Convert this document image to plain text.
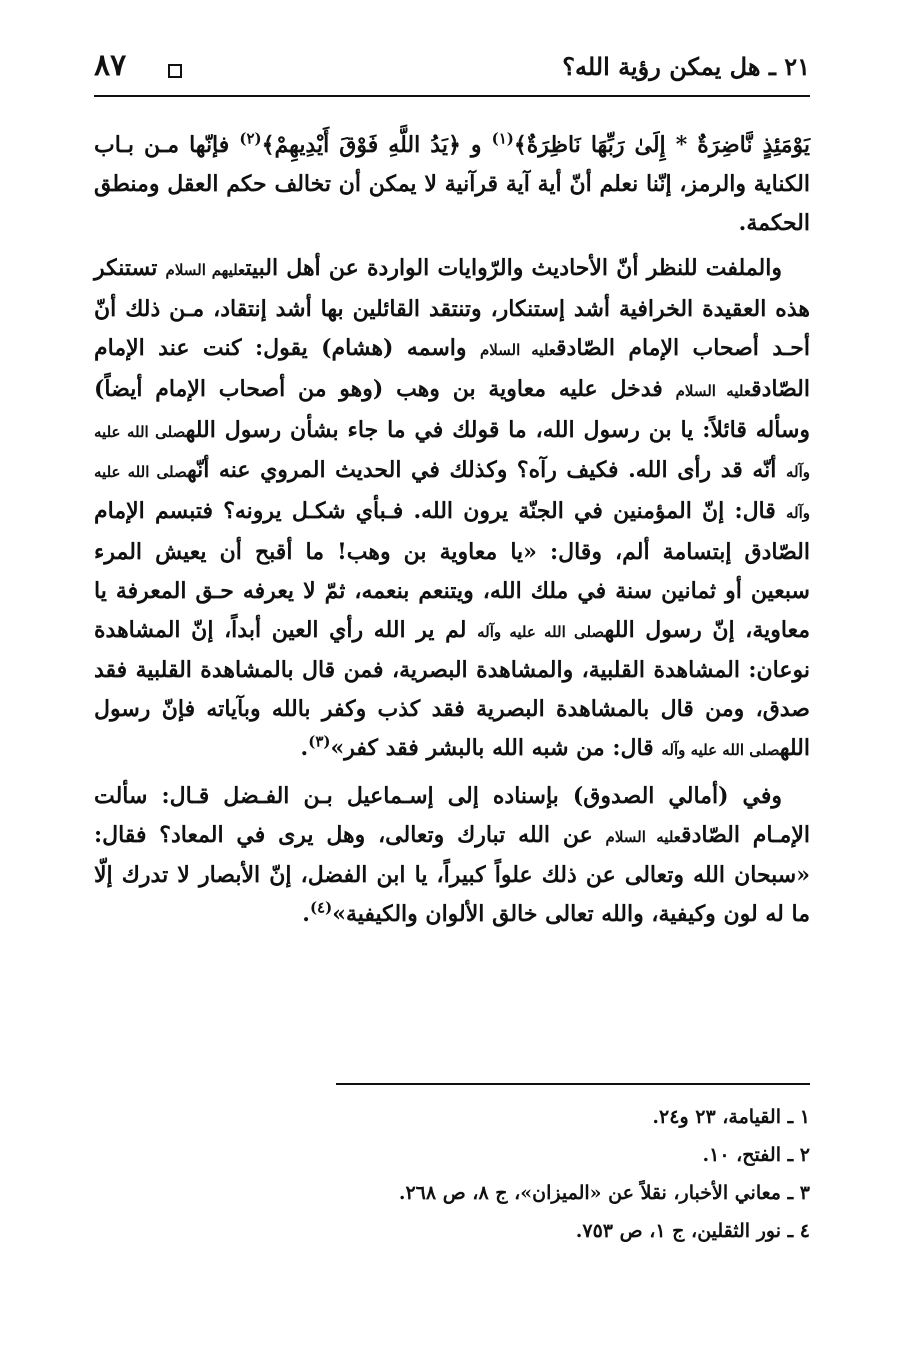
٢١ ـ هل يمكن رؤية الله؟
٨٧

يَوْمَئِذٍ نَّاضِرَةٌ * إِلَىٰ رَبِّهَا نَاظِرَةٌ﴾$^{(١)}$ و ﴿يَدُ اللَّهِ فَوْقَ أَيْدِيهِمْ﴾$^{(٢)}$ فإنّها مـن بـاب الكناية والرمز، إنّنا نعلم أنّ أية آية قرآنية لا يمكن أن تخالف حكم العقل ومنطق الحكمة.

والملفت للنظر أنّ الأحاديث والرّوايات الواردة عن أهل البيتعليهم السلام تستنكر هذه العقيدة الخرافية أشد إستنكار، وتنتقد القائلين بها أشد إنتقاد، مـن ذلك أنّ أحـد أصحاب الإمام الصّادقعليه السلام واسمه (هشام) يقول: كنت عند الإمام الصّادقعليه السلام فدخل عليه معاوية بن وهب (وهو من أصحاب الإمام أيضاً) وسأله قائلاً: يا بن رسول الله، ما قولك في ما جاء بشأن رسول اللهصلى الله عليه وآله أنّه قد رأى الله. فكيف رآه؟ وكذلك في الحديث المروي عنه أنّهصلى الله عليه وآله قال: إنّ المؤمنين في الجنّة يرون الله. فـبأي شكـل يرونه؟ فتبسم الإمام الصّادق إبتسامة ألم، وقال: «يا معاوية بن وهب! ما أقبح أن يعيش المرء سبعين أو ثمانين سنة في ملك الله، ويتنعم بنعمه، ثمّ لا يعرفه حـق المعرفة يا معاوية، إنّ رسول اللهصلى الله عليه وآله لم ير الله رأي العين أبداً، إنّ المشاهدة نوعان: المشاهدة القلبية، والمشاهدة البصرية، فمن قال بالمشاهدة القلبية فقد صدق، ومن قال بالمشاهدة البصرية فقد كذب وكفر بالله وبآياته فإنّ رسول اللهصلى الله عليه وآله قال: من شبه الله بالبشر فقد كفر»$^{(٣)}$.

وفي (أمالي الصدوق) بإسناده إلى إسـماعيل بـن الفـضل قـال: سألت الإمـام الصّادقعليه السلام عن الله تبارك وتعالى، وهل يرى في المعاد؟ فقال: «سبحان الله وتعالى عن ذلك علواً كبيراً، يا ابن الفضل، إنّ الأبصار لا تدرك إلّا ما له لون وكيفية، والله تعالى خالق الألوان والكيفية»$^{(٤)}$.

١ ـ القيامة، ٢٣ و٢٤.
٢ ـ الفتح، ١٠.
٣ ـ معاني الأخبار، نقلاً عن «الميزان»، ج ٨، ص ٢٦٨.
٤ ـ نور الثقلين، ج ١، ص ٧٥٣.
